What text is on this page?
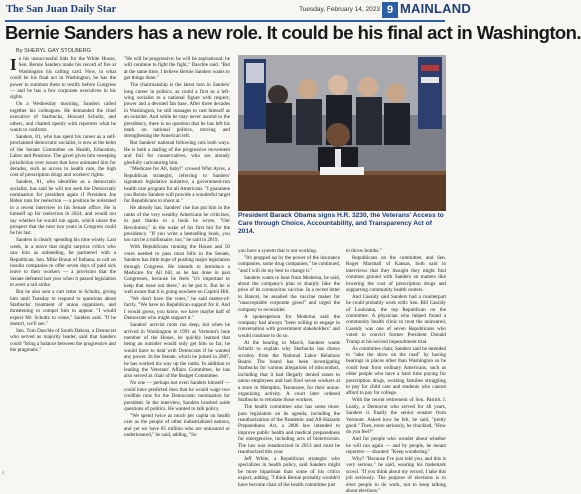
The San Juan Daily Star	Tuesday, February 14, 2023 9 MAINLAND
Bernie Sanders has a new role. It could be his final act in Washington.
By SHERYL GAY STOLBERG

In his unsuccessful bids for the White House, Sen. Bernie Sanders made his record of fire at Washington his calling card. Now, in what could be his final act in Washington, he has the power to summon them to testify before Congress — and he has a few corporate executives in his sights.

On a Wednesday morning, Sanders called together his colleagues. He demanded the chief executive of Starbucks, Howard Schultz, and others, and chatted openly with reporters what he wants to confront.

Sanders, 81, who has spent his career as a self-proclaimed democratic socialist, is now at the helm of the Senate Committee on Health, Education, Labor and Pensions. The gavel gives him sweeping jurisdiction over issues that have animated him for decades, such as access to health care, the high cost of prescription drugs and workers' rights.

Sanders, 81, who identifies as a democratic socialist, has said he will not seek the Democratic nomination for president again if President Joe Biden runs for reelection — a position he reiterated in a recent interview in his Senate office. He is himself up for reelection in 2024, and would not say whether he would run again, which raises the prospect that the next two years in Congress could be his last.

Sanders is clearly spending his time wisely. Last week, in a move that might surprise critics who saw him as unbending, he partnered with a Republican, Sen. Mike Braun of Indiana, to call on insulin companies to offer seven days of paid sick leave to their workers — a provision that the Senate defeated last year when it passed legislation to avert a rail strike.

But he also sent a curt letter to Schultz, giving him until Tuesday to respond to questions about Starbucks' treatment of union organizers, and threatening to compel him to appear. "I would expect Mr. Schultz to come," Sanders said. "If he doesn't, we'll see."

Sen. Tom Daschle of South Dakota, a Democrat who served as majority leader, said that Sanders could "bring a balance between the progressive and the pragmatic."

"He will be progressive; he will be aspirational; he will continue to fight the fight," Daschle said. "But at the same time, I believe Bernie Sanders wants to get things done."

The chairmanship is the latest turn in Sanders' long career in politics, as could a first as a left-wing socialist to a national figure with respect, power and a devoted fan base. After three decades in Washington, he still manages to cast himself as an outsider. And while he may never ascend to the presidency, there is no question that he has left his mark on national politics, moving and strengthening the American left.

But Sanders' national following cuts both ways. He is both a darling of the progressive movement and foil for conservatives, who are already gleefully caricaturing him.

"Medicare for All, baby!" crowed Whit Ayres, a Republican strategist, referring to Sanders' signature legislative initiative, a government-run health care program for all Americans. "I guarantee you Bernie Sanders will provide a wonderful target for Republicans to shoot at."

He already has. Sanders' rise has put him in the ranks of the very wealthy Americans he criticizes, in part thanks to a book he wrote, "Our Revolution," in the wake of his first bid for the presidency. "If you write a bestselling book, you too can be a millionaire, too," he said in 2019.

With Republicans running the House and 50 votes needed to pass most bills in the Senate, Sanders has little hope of pushing major legislation through Congress. He intends to introduce a Medicare for All bill, as he has done in past Congresses, because he feels "it's important to keep that issue out there," as he put it. But he is well aware that it is going nowhere on Capitol Hill.

"We don't have the votes," he said matter-of-factly. "We have no Republican support for it. And I would guess, you know, we have maybe half of Democrats who might support it."

Sanders' activist roots run deep, but when he arrived in Washington in 1991 as Vermont's lone member of the House, he quickly learned that being an outsider would only get him so far; he would have to deal with Democrats if he wanted any power. In the Senate, which he joined in 2007, he has worked his way up the ranks. In addition to leading the Veterans' Affairs Committee, he has also served as chair of the Budget Committee.

No one — perhaps not even Sanders himself — could have predicted then that he would wage two credible runs for the Democratic nomination for president. In the interview, Sanders brushed aside questions of politics. He wanted to talk policy.

"We spend twice as much per capita on health care as the people of other industrialized nations, and yet we have 85 million who are uninsured or underinsured," he said, adding, "So

President Barack Obama signs H.R. 3230, the Veterans' Access to Care through Choice, Accountability, and Transparency Act of 2014.

you have a system that is not working.

"It's propped up by the power of the insurance companies, some drug companies," he continued, "and I will do my best to change it."

Sanders wants to hear from Moderna, he said, about the company's plan to sharply hike the price of its coronavirus vaccine. In a recent letter to Bancel, he assailed the vaccine maker for "unacceptable corporate greed" and urged the company to reconsider.

A spokesperson for Moderna said the company had always "been willing to engage in conversation with government stakeholders" and would continue to do so.

At the hearing in March, Sanders wants Schultz to explain why Starbucks has drawn scrutiny from the National Labor Relations Board. The board has been investigating Starbucks for various allegations of misconduct, including that it had illegally denied raises to union employees and had fired seven workers at a store in Memphis, Tennessee, for their union-organizing activity. A court later ordered Starbucks to reinstate those workers.

The health committee also has some must-pass legislation on its agenda, including the reauthorization of the Pandemic and All-Hazards Preparedness Act, a 2006 law intended to improve public health and medical preparedness for emergencies, including acts of bioterrorism. The law was reauthorized in 2013 and must be reauthorized this year.

Jeff White, a Republican strategist who specializes in health policy, said Sanders might be more bipartisan than some of his critics expect, adding, "I think Bernie probably wouldn't have become chair of the health committee just

to throw bombs."

Republicans on the committee, and Sen. Roger Marshall of Kansas, both said in interviews that they thought they might find common ground with Sanders on matters like lowering the cost of prescription drugs and supporting community health centers.

And Cassidy said Sanders had a counterpart he could probably work with: Sen. Bill Cassidy of Louisiana, the top Republican on the committee. A physician who helped found a community health clinic to treat the uninsured, Cassidy was one of seven Republicans who voted to convict former President Donald Trump at his second impeachment trial.

As committee chair, Sanders said he intended to "take the show on the road" by having hearings in places other than Washington so he could hear from ordinary Americans, such as older people who have a hard time paying for prescription drugs, working families struggling to pay for child care and students who cannot afford to pay for college.

With the recent retirement of Sen. Patrick J. Leahy, a Democrat who served for 48 years, Sanders is finally the senior senator from Vermont. Asked how he felt, he said, "pretty good." Then, more seriously, he chuckled, "How do you feel?"

And for people who wonder about whether he will run again — and by people, he meant reporters — shouted: "Keep wondering."

Why? "Because I've just told you, and this is very serious," he said, wearing his trademark scowl. "If you think about my record, I take this job seriously. The purpose of elections is to elect people to do work, not to keep talking about elections."

2
